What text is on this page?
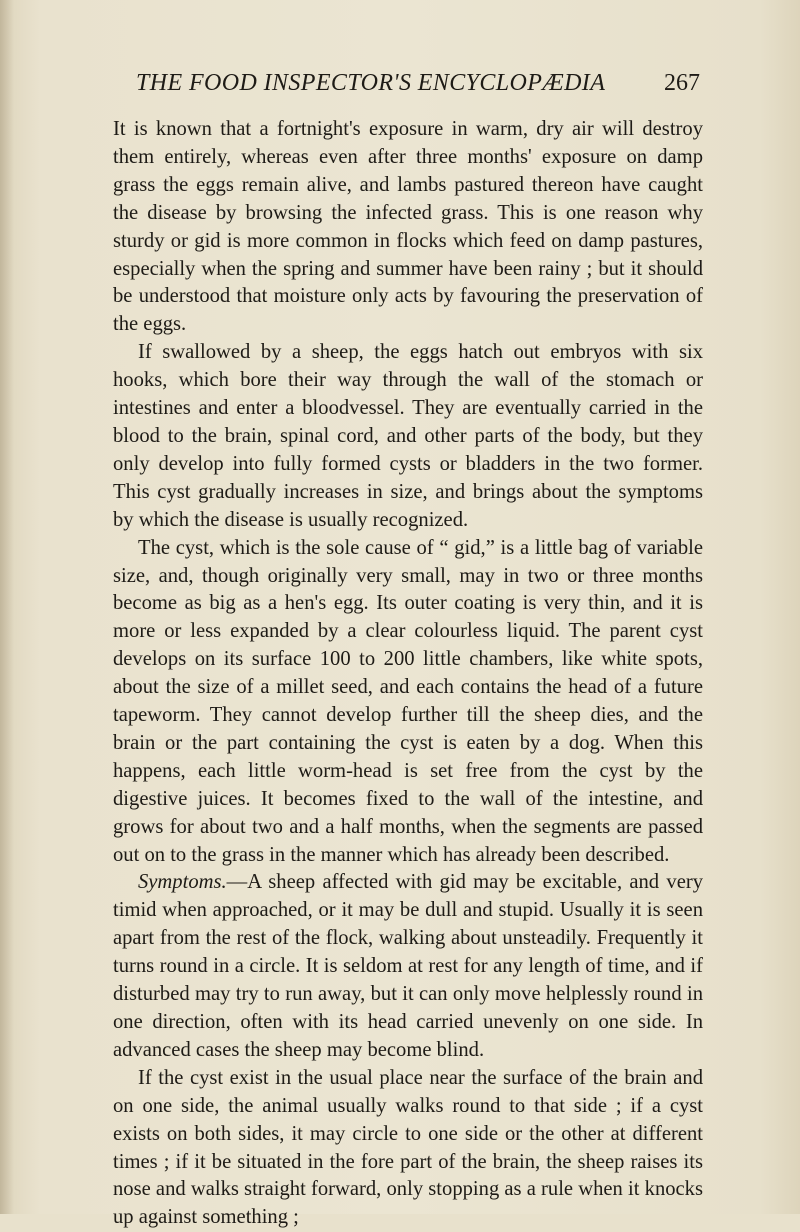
THE FOOD INSPECTOR'S ENCYCLOPÆDIA 267

It is known that a fortnight's exposure in warm, dry air will destroy them entirely, whereas even after three months' exposure on damp grass the eggs remain alive, and lambs pastured thereon have caught the disease by browsing the infected grass. This is one reason why sturdy or gid is more common in flocks which feed on damp pastures, especially when the spring and summer have been rainy ; but it should be understood that moisture only acts by favouring the preservation of the eggs.

If swallowed by a sheep, the eggs hatch out embryos with six hooks, which bore their way through the wall of the stomach or intestines and enter a bloodvessel. They are eventually carried in the blood to the brain, spinal cord, and other parts of the body, but they only develop into fully formed cysts or bladders in the two former. This cyst gradually increases in size, and brings about the symptoms by which the disease is usually recognized.

The cyst, which is the sole cause of “ gid,” is a little bag of variable size, and, though originally very small, may in two or three months become as big as a hen's egg. Its outer coating is very thin, and it is more or less expanded by a clear colourless liquid. The parent cyst develops on its surface 100 to 200 little chambers, like white spots, about the size of a millet seed, and each contains the head of a future tapeworm. They cannot develop further till the sheep dies, and the brain or the part containing the cyst is eaten by a dog. When this happens, each little worm-head is set free from the cyst by the digestive juices. It becomes fixed to the wall of the intestine, and grows for about two and a half months, when the segments are passed out on to the grass in the manner which has already been described.

Symptoms.—A sheep affected with gid may be excitable, and very timid when approached, or it may be dull and stupid. Usually it is seen apart from the rest of the flock, walking about unsteadily. Frequently it turns round in a circle. It is seldom at rest for any length of time, and if disturbed may try to run away, but it can only move helplessly round in one direction, often with its head carried unevenly on one side. In advanced cases the sheep may become blind.

If the cyst exist in the usual place near the surface of the brain and on one side, the animal usually walks round to that side ; if a cyst exists on both sides, it may circle to one side or the other at different times ; if it be situated in the fore part of the brain, the sheep raises its nose and walks straight forward, only stopping as a rule when it knocks up against something ;
